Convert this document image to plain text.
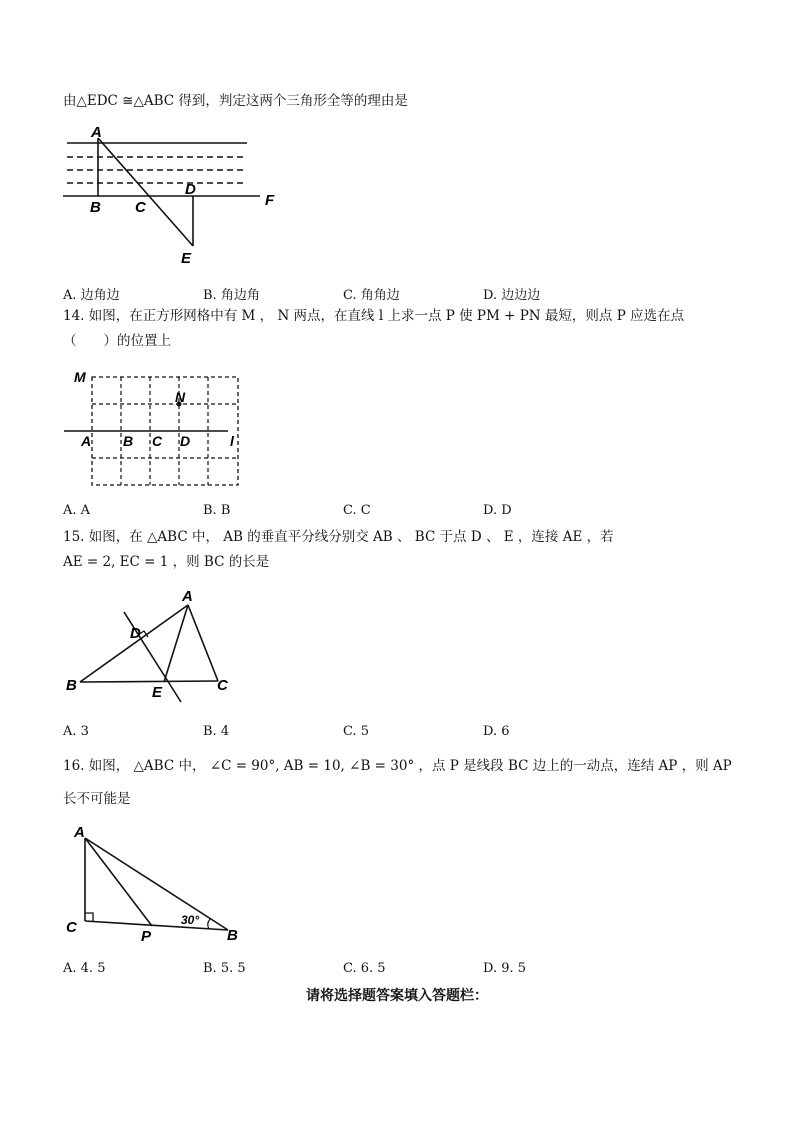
由△EDC ≅△ABC 得到，判定这两个三角形全等的理由是
A
B C
D
E
F
A. 边角边	B. 角边角	C. 角角边	D. 边边边
14. 如图，在正方形网格中有 M ， N 两点，在直线 l 上求一点 P 使 PM + PN 最短，则点 P 应选在点
（　　）的位置上
M
N
A B C D	l
A. A	B. B	C. C	D. D
15. 如图，在 △ABC 中， AB 的垂直平分线分别交 AB 、 BC 于点 D 、 E ，连接 AE ，若
AE = 2, EC = 1 ，则 BC 的长是
A
B	C
D
E
A. 3	B. 4	C. 5	D. 6
16. 如图， △ABC 中， ∠C = 90°, AB = 10, ∠B = 30° ，点 P 是线段 BC 边上的一动点，连结 AP ，则 AP
长不可能是
A
C
P	B
30°
A. 4. 5	B. 5. 5	C. 6. 5	D. 9. 5
请将选择题答案填入答题栏：
